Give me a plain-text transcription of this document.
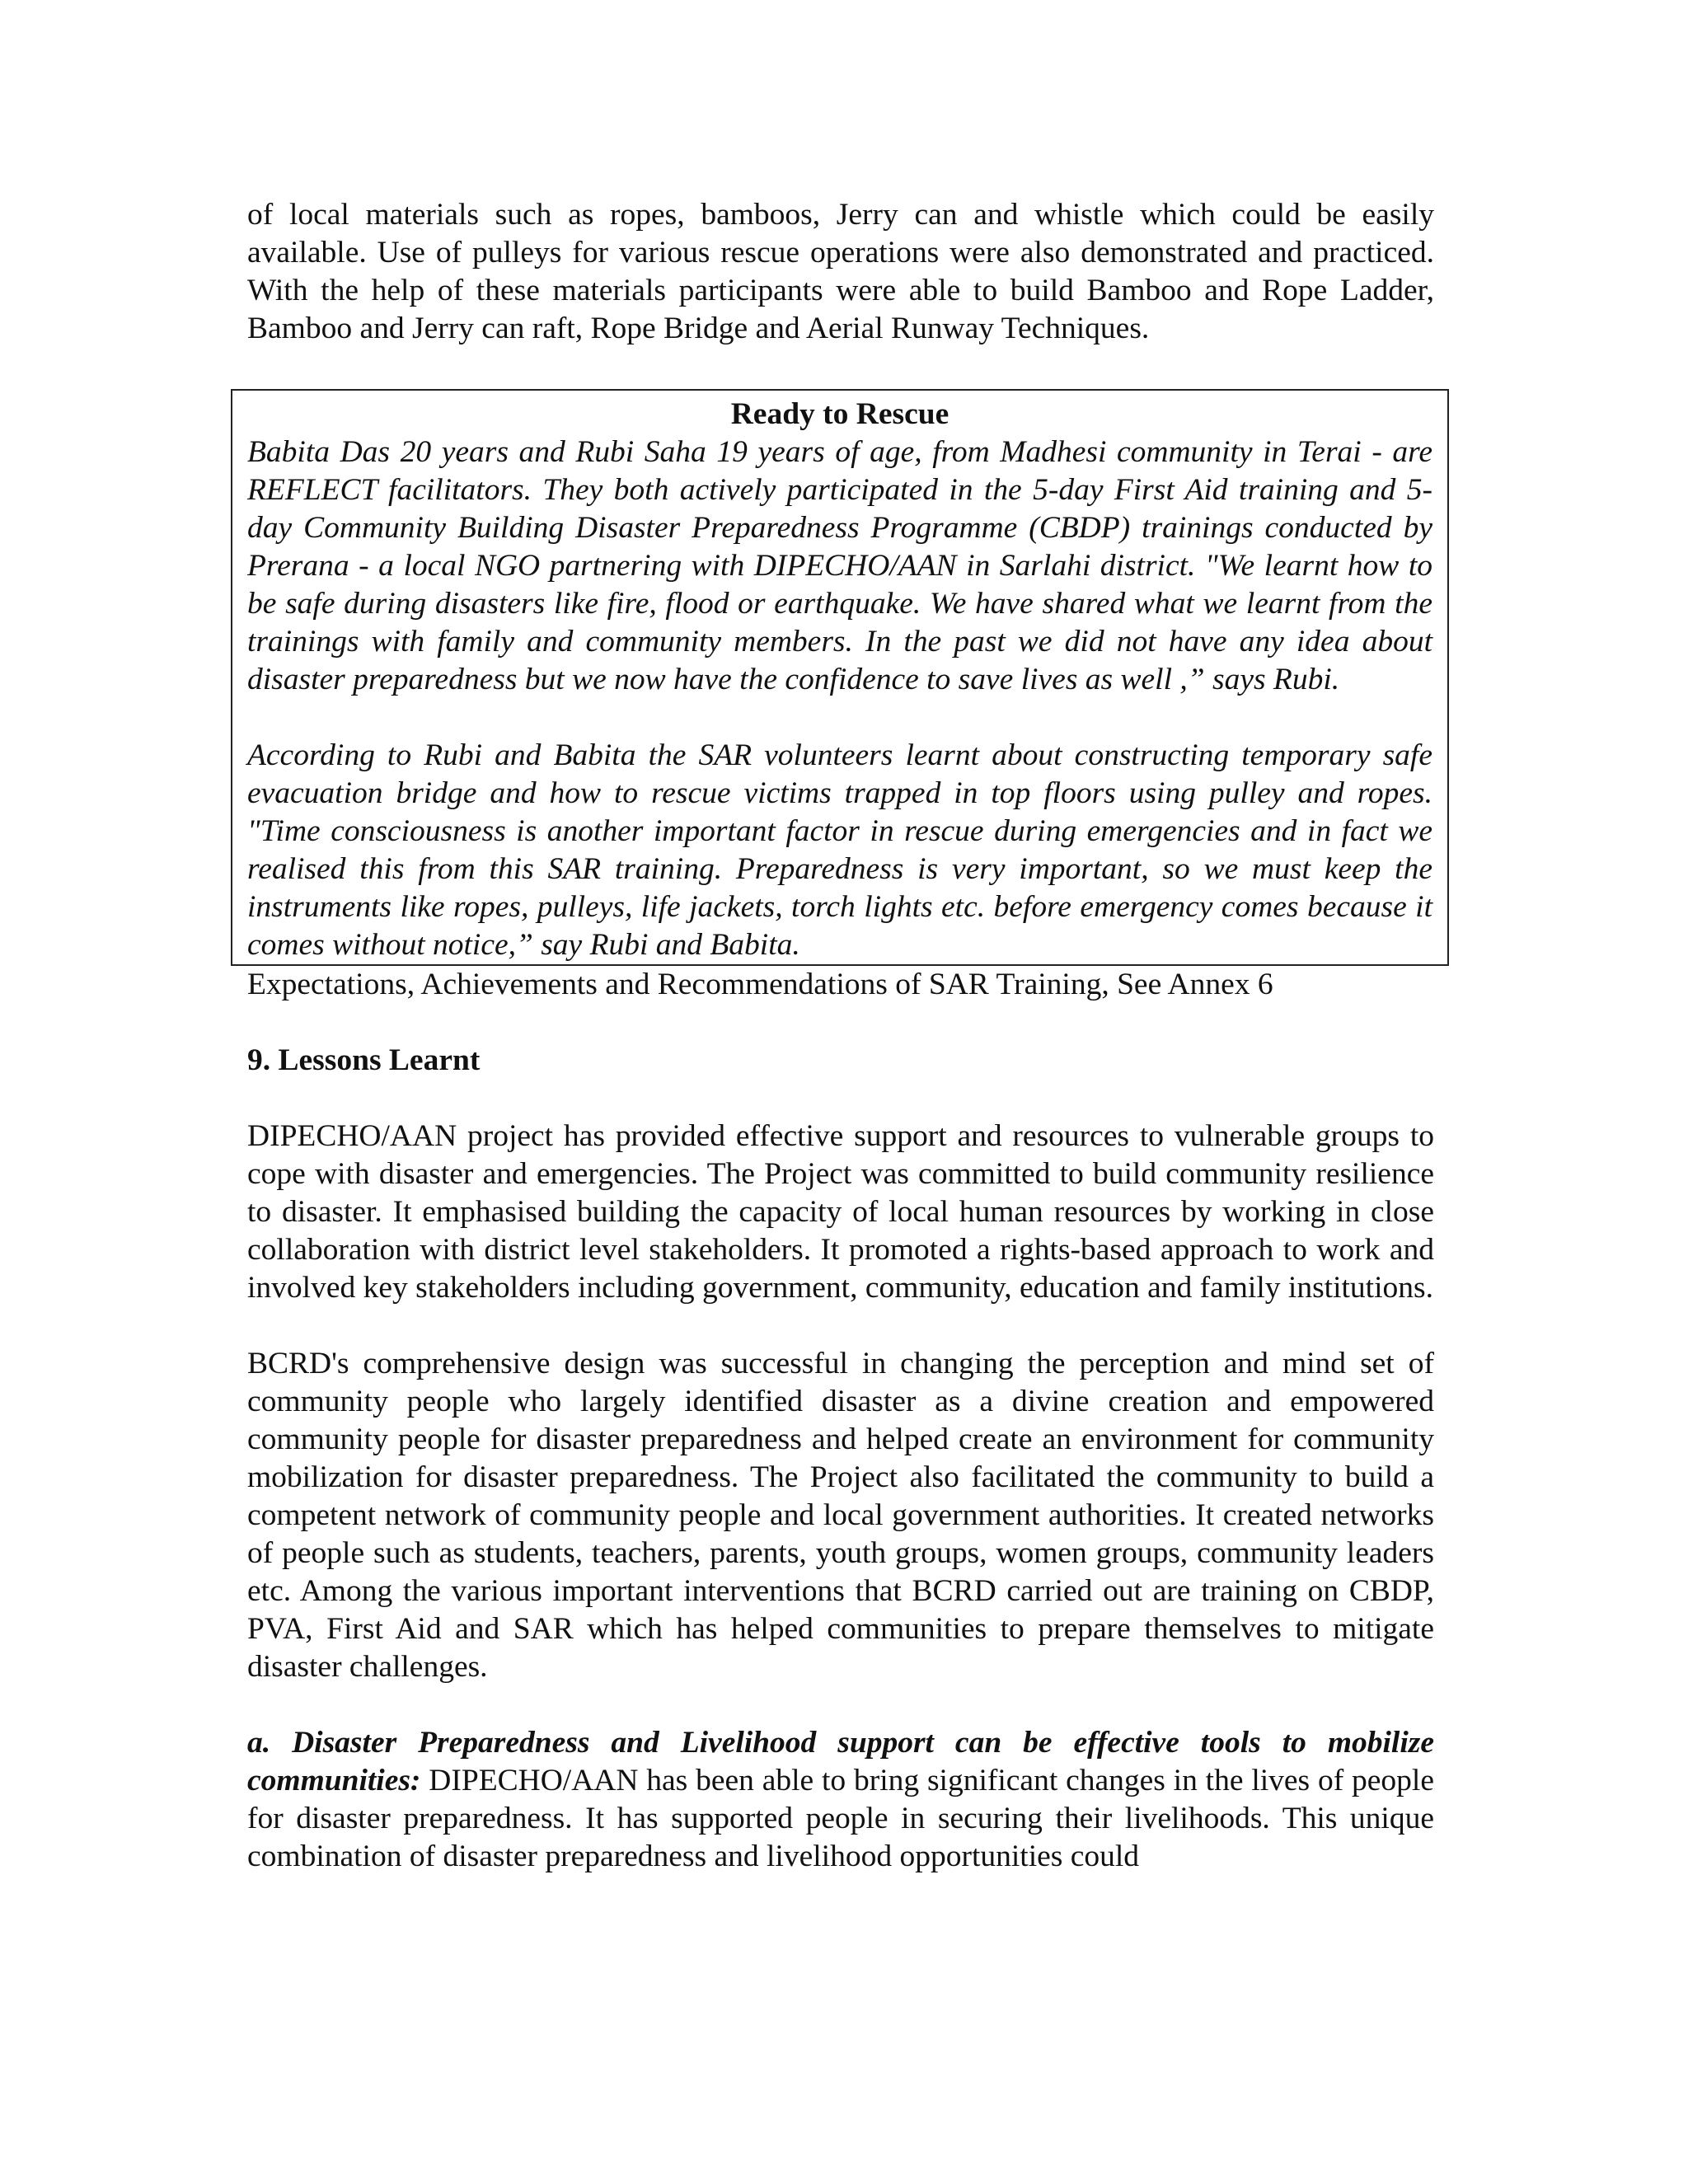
of local materials such as ropes, bamboos, Jerry can and whistle which could be easily available. Use of pulleys for various rescue operations were also demonstrated and practiced. With the help of these materials participants were able to build Bamboo and Rope Ladder, Bamboo and Jerry can raft, Rope Bridge and Aerial Runway Techniques.

Ready to Rescue

Babita Das 20 years and Rubi Saha 19 years of age, from Madhesi community in Terai - are REFLECT facilitators. They both actively participated in the 5-day First Aid training and 5-day Community Building Disaster Preparedness Programme (CBDP) trainings conducted by Prerana - a local NGO partnering with DIPECHO/AAN in Sarlahi district. "We learnt how to be safe during disasters like fire, flood or earthquake. We have shared what we learnt from the trainings with family and community members. In the past we did not have any idea about disaster preparedness but we now have the confidence to save lives as well ,” says Rubi.

According to Rubi and Babita the SAR volunteers learnt about constructing temporary safe evacuation bridge and how to rescue victims trapped in top floors using pulley and ropes. "Time consciousness is another important factor in rescue during emergencies and in fact we realised this from this SAR training. Preparedness is very important, so we must keep the instruments like ropes, pulleys, life jackets, torch lights etc. before emergency comes because it comes without notice,” say Rubi and Babita.

Expectations, Achievements and Recommendations of SAR Training, See Annex 6

9. Lessons Learnt

DIPECHO/AAN project has provided effective support and resources to vulnerable groups to cope with disaster and emergencies. The Project was committed to build community resilience to disaster. It emphasised building the capacity of local human resources by working in close collaboration with district level stakeholders. It promoted a rights-based approach to work and involved key stakeholders including government, community, education and family institutions.

BCRD's comprehensive design was successful in changing the perception and mind set of community people who largely identified disaster as a divine creation and empowered community people for disaster preparedness and helped create an environment for community mobilization for disaster preparedness. The Project also facilitated the community to build a competent network of community people and local government authorities. It created networks of people such as students, teachers, parents, youth groups, women groups, community leaders etc. Among the various important interventions that BCRD carried out are training on CBDP, PVA, First Aid and SAR which has helped communities to prepare themselves to mitigate disaster challenges.

a. Disaster Preparedness and Livelihood support can be effective tools to mobilize communities: DIPECHO/AAN has been able to bring significant changes in the lives of people for disaster preparedness. It has supported people in securing their livelihoods. This unique combination of disaster preparedness and livelihood opportunities could
